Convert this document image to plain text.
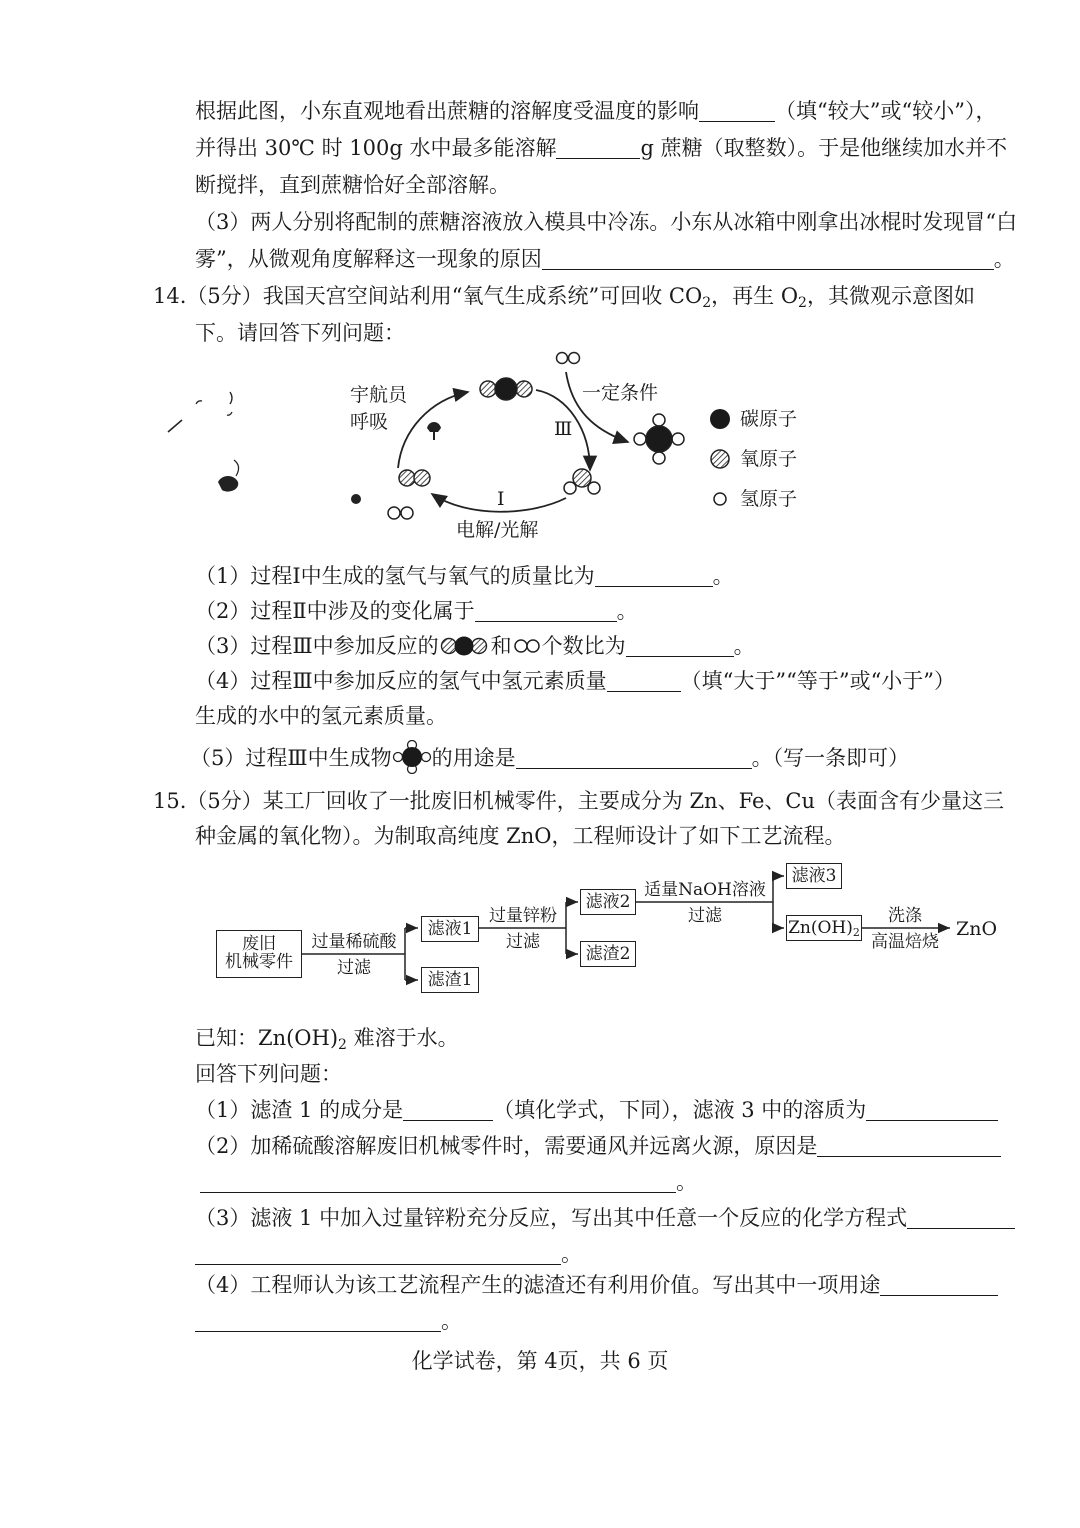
根据此图，小东直观地看出蔗糖的溶解度受温度的影响	（填“较大”或“较小”），
并得出 30℃ 时 100g 水中最多能溶解	g 蔗糖（取整数）。于是他继续加水并不
断搅拌，直到蔗糖恰好全部溶解。
（3）两人分别将配制的蔗糖溶液放入模具中冷冻。小东从冰箱中刚拿出冰棍时发现冒“白
雾”，从微观角度解释这一现象的原因	。
14.（5分）我国天宫空间站利用“氧气生成系统”可回收 $CO_2$，再生 $O_2$，其微观示意图如
下。请回答下列问题：
宇航员
呼吸
一定条件
Ⅲ
Ⅰ
电解/光解
碳原子
氧原子
氢原子
（1）过程Ⅰ中生成的氢气与氧气的质量比为	。
（2）过程Ⅱ中涉及的变化属于	。
（3）过程Ⅲ中参加反应的 和 个数比为	。
（4）过程Ⅲ中参加反应的氢气中氢元素质量	（填“大于”“等于”或“小于”）
生成的水中的氢元素质量。
（5）过程Ⅲ中生成物 的用途是	。（写一条即可）
15.（5分）某工厂回收了一批废旧机械零件，主要成分为 Zn、Fe、Cu（表面含有少量这三
种金属的氧化物）。为制取高纯度 ZnO，工程师设计了如下工艺流程。
废旧
机械零件
过量稀硫酸
过滤
滤液1
滤渣1
过量锌粉
过滤
滤液2
滤渣2
适量NaOH溶液
过滤
滤液3
Zn(OH)2
洗涤
高温焙烧
ZnO
已知：$Zn(OH)_2$ 难溶于水。
回答下列问题：
（1）滤渣 1 的成分是	（填化学式，下同），滤液 3 中的溶质为
（2）加稀硫酸溶解废旧机械零件时，需要通风并远离火源，原因是
。
（3）滤液 1 中加入过量锌粉充分反应，写出其中任意一个反应的化学方程式
。
（4）工程师认为该工艺流程产生的滤渣还有利用价值。写出其中一项用途
。
化学试卷，第 4页，共 6 页
